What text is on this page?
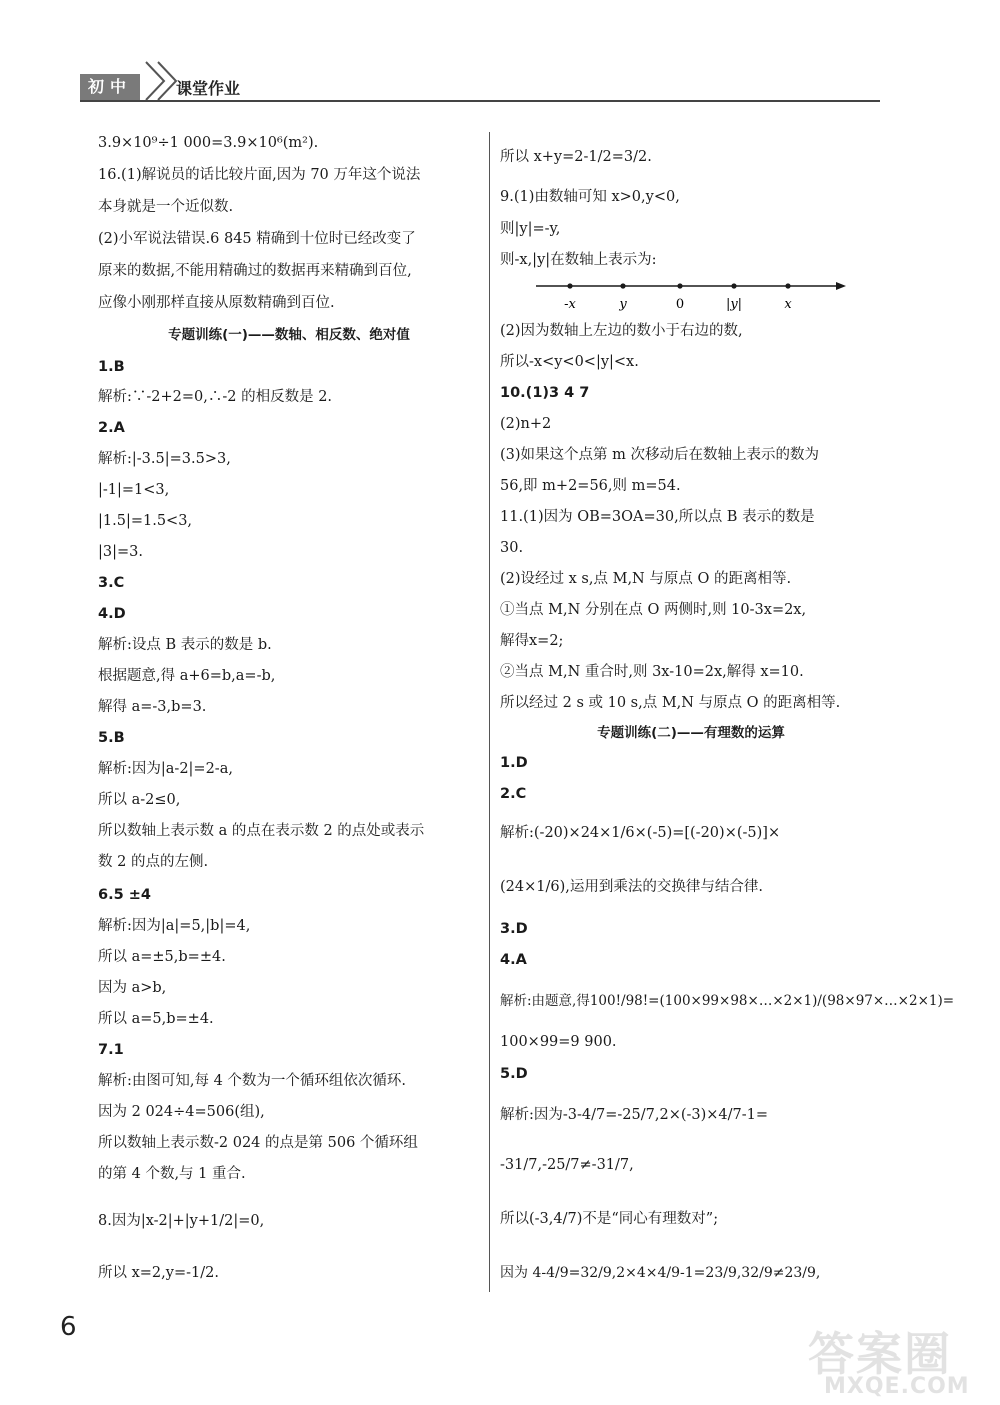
初中	课堂作业
3.9×10⁹÷1 000=3.9×10⁶(m²).
16.(1)解说员的话比较片面,因为 70 万年这个说法
本身就是一个近似数.
(2)小军说法错误.6 845 精确到十位时已经改变了
原来的数据,不能用精确过的数据再来精确到百位,
应像小刚那样直接从原数精确到百位.
专题训练(一)——数轴、相反数、绝对值
1.B
解析:∵-2+2=0,∴-2 的相反数是 2.
2.A
解析:|-3.5|=3.5>3,
|-1|=1<3,
|1.5|=1.5<3,
|3|=3.
3.C
4.D
解析:设点 B 表示的数是 b.
根据题意,得 a+6=b,a=-b,
解得 a=-3,b=3.
5.B
解析:因为|a-2|=2-a,
所以 a-2≤0,
所以数轴上表示数 a 的点在表示数 2 的点处或表示
数 2 的点的左侧.
6.5 ±4
解析:因为|a|=5,|b|=4,
所以 a=±5,b=±4.
因为 a>b,
所以 a=5,b=±4.
7.1
解析:由图可知,每 4 个数为一个循环组依次循环.
因为 2 024÷4=506(组),
所以数轴上表示数-2 024 的点是第 506 个循环组
的第 4 个数,与 1 重合.
8.因为|x-2|+|y+1/2|=0,
所以 x=2,y=-1/2.
所以 x+y=2-1/2=3/2.
9.(1)由数轴可知 x>0,y<0,
则|y|=-y,
则-x,|y|在数轴上表示为:
-x	y	0	|y|	x
(2)因为数轴上左边的数小于右边的数,
所以-x<y<0<|y|<x.
10.(1)3 4 7
(2)n+2
(3)如果这个点第 m 次移动后在数轴上表示的数为
56,即 m+2=56,则 m=54.
11.(1)因为 OB=3OA=30,所以点 B 表示的数是
30.
(2)设经过 x s,点 M,N 与原点 O 的距离相等.
①当点 M,N 分别在点 O 两侧时,则 10-3x=2x,
解得x=2;
②当点 M,N 重合时,则 3x-10=2x,解得 x=10.
所以经过 2 s 或 10 s,点 M,N 与原点 O 的距离相等.
专题训练(二)——有理数的运算
1.D
2.C
解析:(-20)×24×1/6×(-5)=[(-20)×(-5)]×
(24×1/6),运用到乘法的交换律与结合律.
3.D
4.A
解析:由题意,得100!/98!=(100×99×98×…×2×1)/(98×97×…×2×1)=
100×99=9 900.
5.D
解析:因为-3-4/7=-25/7,2×(-3)×4/7-1=
-31/7,-25/7≠-31/7,
所以(-3,4/7)不是“同心有理数对”;
因为 4-4/9=32/9,2×4×4/9-1=23/9,32/9≠23/9,
6	答案圈
MXQE.COM
